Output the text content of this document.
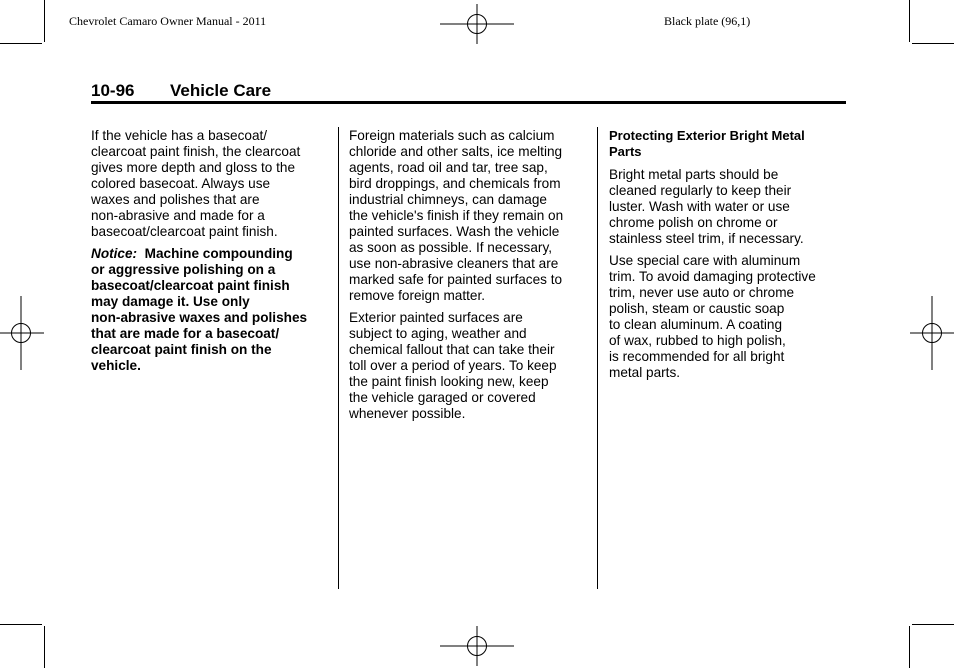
Chevrolet Camaro Owner Manual - 2011	Black plate (96,1)
10-96 Vehicle Care

If the vehicle has a basecoat/
clearcoat paint finish, the clearcoat
gives more depth and gloss to the
colored basecoat. Always use
waxes and polishes that are
non-abrasive and made for a
basecoat/clearcoat paint finish.

Notice: Machine compounding
or aggressive polishing on a
basecoat/clearcoat paint finish
may damage it. Use only
non-abrasive waxes and polishes
that are made for a basecoat/
clearcoat paint finish on the
vehicle.

Foreign materials such as calcium
chloride and other salts, ice melting
agents, road oil and tar, tree sap,
bird droppings, and chemicals from
industrial chimneys, can damage
the vehicle's finish if they remain on
painted surfaces. Wash the vehicle
as soon as possible. If necessary,
use non-abrasive cleaners that are
marked safe for painted surfaces to
remove foreign matter.

Exterior painted surfaces are
subject to aging, weather and
chemical fallout that can take their
toll over a period of years. To keep
the paint finish looking new, keep
the vehicle garaged or covered
whenever possible.

Protecting Exterior Bright Metal
Parts

Bright metal parts should be
cleaned regularly to keep their
luster. Wash with water or use
chrome polish on chrome or
stainless steel trim, if necessary.

Use special care with aluminum
trim. To avoid damaging protective
trim, never use auto or chrome
polish, steam or caustic soap
to clean aluminum. A coating
of wax, rubbed to high polish,
is recommended for all bright
metal parts.
